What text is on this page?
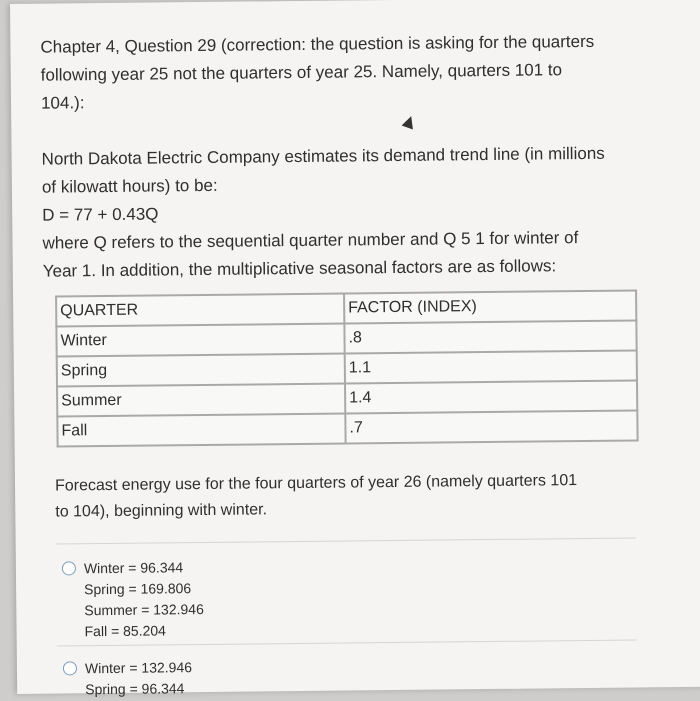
Chapter 4, Question 29 (correction: the question is asking for the quarters
following year 25 not the quarters of year 25. Namely, quarters 101 to
104.):

North Dakota Electric Company estimates its demand trend line (in millions

of kilowatt hours) to be:

D = 77 + 0.43Q

where Q refers to the sequential quarter number and Q 5 1 for winter of

Year 1. In addition, the multiplicative seasonal factors are as follows:

QUARTER	FACTOR (INDEX)
Winter	.8
Spring	1.1
Summer	1.4
Fall	.7
Forecast energy use for the four quarters of year 26 (namely quarters 101
to 104), beginning with winter.
Winter = 96.344
Spring = 169.806
Summer = 132.946
Fall = 85.204
Winter = 132.946
Spring = 96.344
